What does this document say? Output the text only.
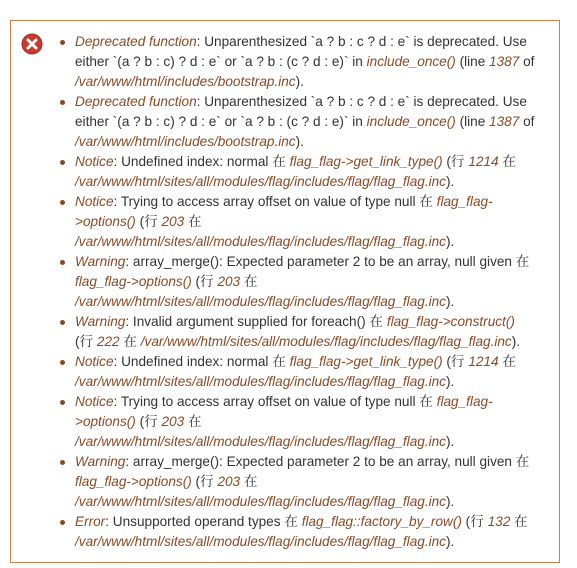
Deprecated function: Unparenthesized `a ? b : c ? d : e` is deprecated. Use either `(a ? b : c) ? d : e` or `a ? b : (c ? d : e)` in include_once() (line 1387 of /var/www/html/includes/bootstrap.inc).
Deprecated function: Unparenthesized `a ? b : c ? d : e` is deprecated. Use either `(a ? b : c) ? d : e` or `a ? b : (c ? d : e)` in include_once() (line 1387 of /var/www/html/includes/bootstrap.inc).
Notice: Undefined index: normal 在 flag_flag->get_link_type() (行 1214 在 /var/www/html/sites/all/modules/flag/includes/flag/flag_flag.inc).
Notice: Trying to access array offset on value of type null 在 flag_flag->options() (行 203 在 /var/www/html/sites/all/modules/flag/includes/flag/flag_flag.inc).
Warning: array_merge(): Expected parameter 2 to be an array, null given 在 flag_flag->options() (行 203 在 /var/www/html/sites/all/modules/flag/includes/flag/flag_flag.inc).
Warning: Invalid argument supplied for foreach() 在 flag_flag->construct() (行 222 在 /var/www/html/sites/all/modules/flag/includes/flag/flag_flag.inc).
Notice: Undefined index: normal 在 flag_flag->get_link_type() (行 1214 在 /var/www/html/sites/all/modules/flag/includes/flag/flag_flag.inc).
Notice: Trying to access array offset on value of type null 在 flag_flag->options() (行 203 在 /var/www/html/sites/all/modules/flag/includes/flag/flag_flag.inc).
Warning: array_merge(): Expected parameter 2 to be an array, null given 在 flag_flag->options() (行 203 在 /var/www/html/sites/all/modules/flag/includes/flag/flag_flag.inc).
Error: Unsupported operand types 在 flag_flag::factory_by_row() (行 132 在 /var/www/html/sites/all/modules/flag/includes/flag/flag_flag.inc).
